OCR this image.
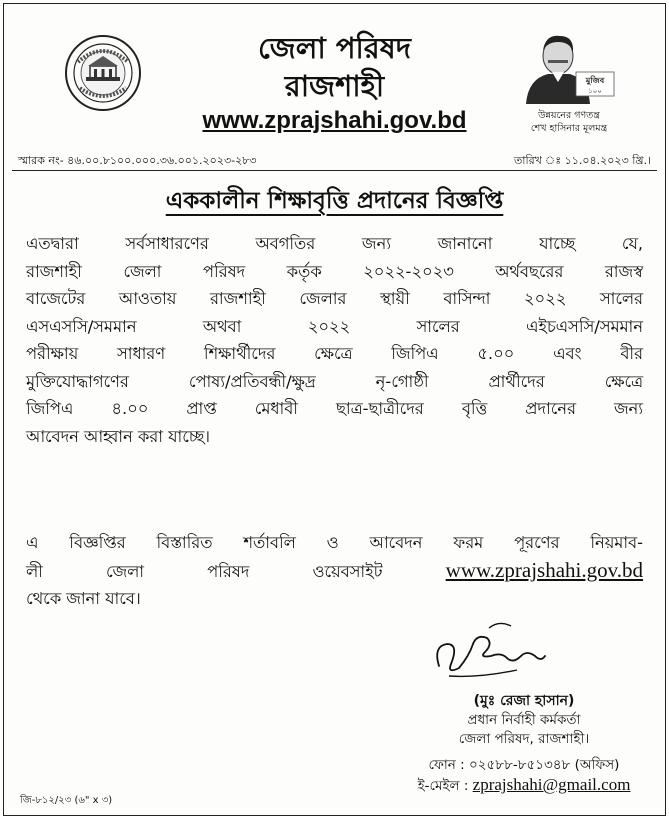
জেলা পরিষদ
রাজশাহী
www.zprajshahi.gov.bd
মুজিব
১০০
উন্নয়নের গণতন্ত্র
শেখ হাসিনার মূলমন্ত্র
স্মারক নং- ৪৬.০০.৮১০০.০০০.৩৬.০০১.২০২৩-২৮৩	তারিখ ঃ ১১.০৪.২০২৩ খ্রি.।
এককালীন শিক্ষাবৃত্তি প্রদানের বিজ্ঞপ্তি
এতদ্বারা সর্বসাধারণের অবগতির জন্য জানানো যাচ্ছে যে,
রাজশাহী জেলা পরিষদ কর্তৃক ২০২২-২০২৩ অর্থবছরের রাজস্ব
বাজেটের আওতায় রাজশাহী জেলার স্থায়ী বাসিন্দা ২০২২ সালের
এসএসসি/সমমান অথবা ২০২২ সালের এইচএসসি/সমমান
পরীক্ষায় সাধারণ শিক্ষার্থীদের ক্ষেত্রে জিপিএ ৫.০০ এবং বীর
মুক্তিযোদ্ধাগণের পোষ্য/প্রতিবন্ধী/ক্ষুদ্র নৃ-গোষ্ঠী প্রার্থীদের ক্ষেত্রে
জিপিএ ৪.০০ প্রাপ্ত মেধাবী ছাত্র-ছাত্রীদের বৃত্তি প্রদানের জন্য
আবেদন আহ্বান করা যাচ্ছে।
এ বিজ্ঞপ্তির বিস্তারিত শর্তাবলি ও আবেদন ফরম পূরণের নিয়মাব-
লী জেলা পরিষদ ওয়েবসাইট	www.zprajshahi.gov.bd
থেকে জানা যাবে।
(মুঃ রেজা হাসান)
প্রধান নির্বাহী কর্মকর্তা
জেলা পরিষদ, রাজশাহী।
ফোন : ০২৫৮৮-৮৫১৩৪৮ (অফিস)
ই-মেইল : zprajshahi@gmail.com
জি-৮১২/২৩ (৬" x ৩)
